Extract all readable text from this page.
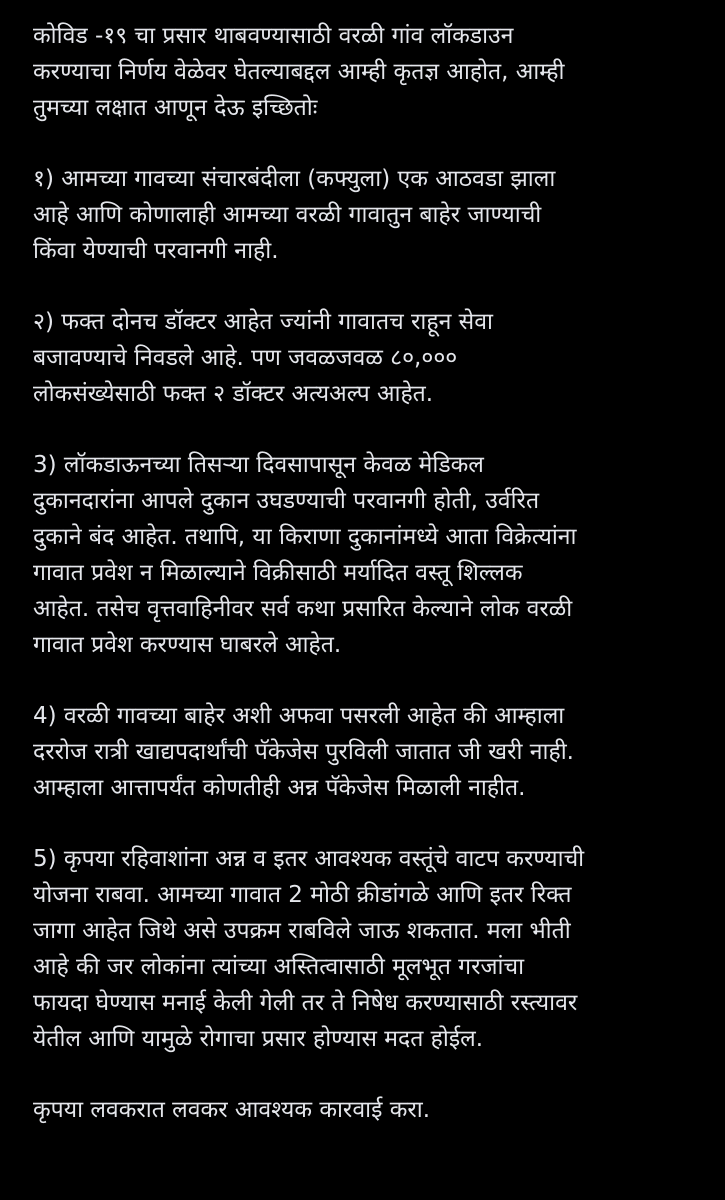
कोविड -१९ चा प्रसार थाबवण्यासाठी वरळी गांव लॉकडाउन
करण्याचा निर्णय वेळेवर घेतल्याबद्दल आम्ही कृतज्ञ आहोत, आम्ही
तुमच्या लक्षात आणून देऊ इच्छितोः

१) आमच्या गावच्या संचारबंदीला (कफ्युला) एक आठवडा झाला
आहे आणि कोणालाही आमच्या वरळी गावातुन बाहेर जाण्याची
किंवा येण्याची परवानगी नाही.

२) फक्त दोनच डॉक्टर आहेत ज्यांनी गावातच राहून सेवा
बजावण्याचे निवडले आहे. पण जवळजवळ ८०,०००
लोकसंख्येसाठी फक्त २ डॉक्टर अत्यअल्प आहेत.

3) लॉकडाऊनच्या तिसऱ्या दिवसापासून केवळ मेडिकल
दुकानदारांना आपले दुकान उघडण्याची परवानगी होती, उर्वरित
दुकाने बंद आहेत. तथापि, या किराणा दुकानांमध्ये आता विक्रेत्यांना
गावात प्रवेश न मिळाल्याने विक्रीसाठी मर्यादित वस्तू शिल्लक
आहेत. तसेच वृत्तवाहिनीवर सर्व कथा प्रसारित केल्याने लोक वरळी
गावात प्रवेश करण्यास घाबरले आहेत.

4) वरळी गावच्या बाहेर अशी अफवा पसरली आहेत की आम्हाला
दररोज रात्री खाद्यपदार्थांची पॅकेजेस पुरविली जातात जी खरी नाही.
आम्हाला आत्तापर्यंत कोणतीही अन्न पॅकेजेस मिळाली नाहीत.

5) कृपया रहिवाशांना अन्न व इतर आवश्यक वस्तूंचे वाटप करण्याची
योजना राबवा. आमच्या गावात 2 मोठी क्रीडांगळे आणि इतर रिक्त
जागा आहेत जिथे असे उपक्रम राबविले जाऊ शकतात. मला भीती
आहे की जर लोकांना त्यांच्या अस्तित्वासाठी मूलभूत गरजांचा
फायदा घेण्यास मनाई केली गेली तर ते निषेध करण्यासाठी रस्त्यावर
येतील आणि यामुळे रोगाचा प्रसार होण्यास मदत होईल.

कृपया लवकरात लवकर आवश्यक कारवाई करा.
